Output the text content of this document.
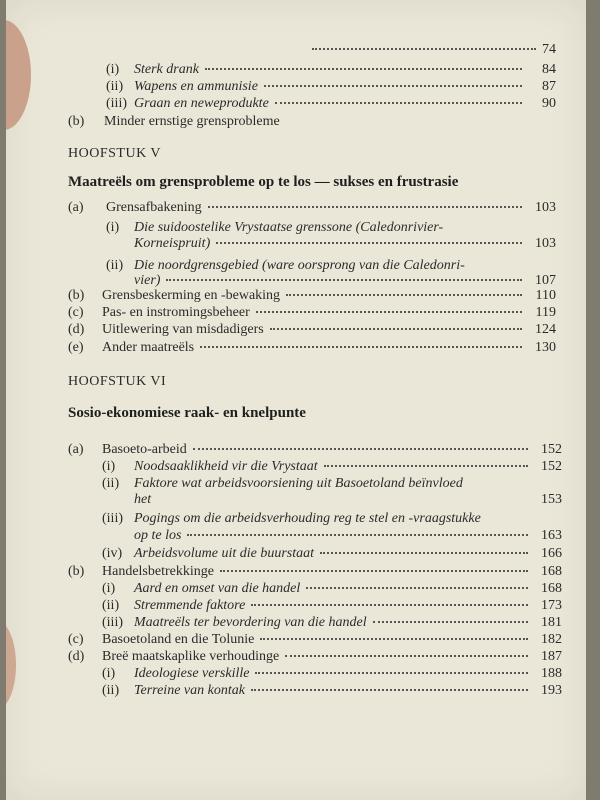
74
(i)	Sterk drank	84
(ii) Wapens en ammunisie	87
(iii) Graan en neweprodukte	90
(b)	Minder ernstige grensprobleme
HOOFSTUK V
Maatreëls om grensprobleme op te los — sukses en frustrasie
(a)	Grensafbakening	103
(i)	Die suidoostelike Vrystaatse grenssone (Caledonrivier-
Korneispruit)	103
(ii) Die noordgrensgebied (ware oorsprong van die Caledonri-
vier)	107
(b)	Grensbeskerming en -bewaking	110
(c)	Pas- en instromingsbeheer	119
(d)	Uitlewering van misdadigers	124
(e)	Ander maatreëls	130
HOOFSTUK VI
Sosio-ekonomiese raak- en knelpunte
(a)	Basoeto-arbeid	152
(i)	Noodsaaklikheid vir die Vrystaat	152
(ii)	Faktore wat arbeidsvoorsiening uit Basoetoland beïnvloed
het	153
(iii) Pogings om die arbeidsverhouding reg te stel en -vraagstukke
op te los	163
(iv) Arbeidsvolume uit die buurstaat	166
(b)	Handelsbetrekkinge	168
(i)	Aard en omset van die handel	168
(ii)	Stremmende faktore	173
(iii) Maatreëls ter bevordering van die handel	181
(c)	Basoetoland en die Tolunie	182
(d)	Breë maatskaplike verhoudinge	187
(i)	Ideologiese verskille	188
(ii)	Terreine van kontak	193
